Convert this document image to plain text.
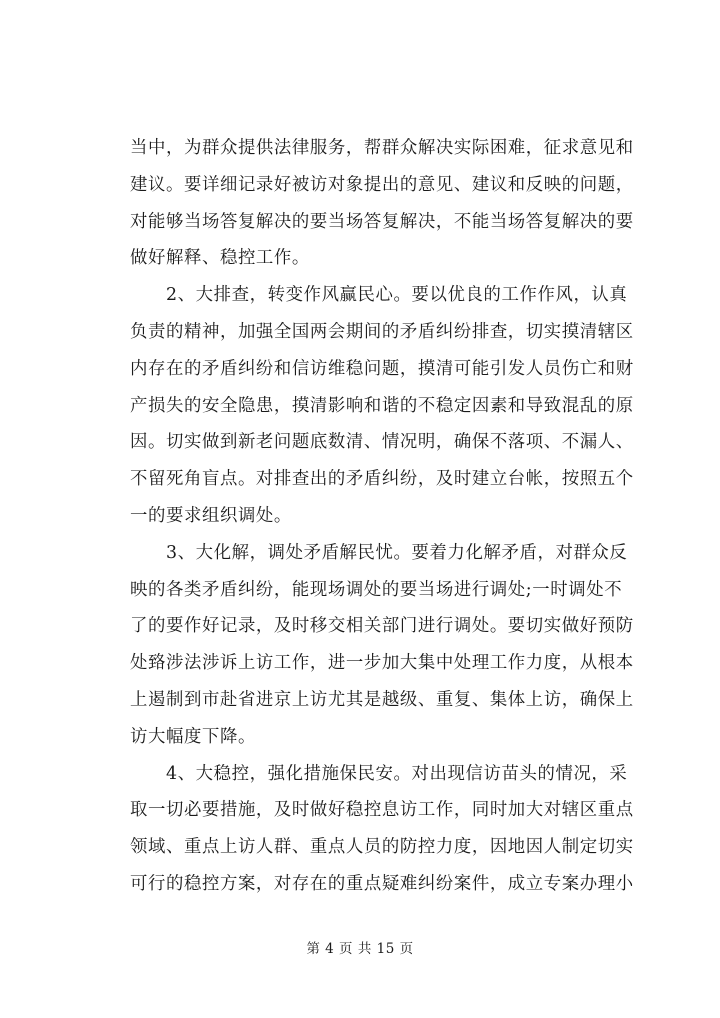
当中，为群众提供法律服务，帮群众解决实际困难，征求意见和
建议。要详细记录好被访对象提出的意见、建议和反映的问题，
对能够当场答复解决的要当场答复解决，不能当场答复解决的要
做好解释、稳控工作。
　　2、大排查，转变作风赢民心。要以优良的工作作风，认真
负责的精神，加强全国两会期间的矛盾纠纷排查，切实摸清辖区
内存在的矛盾纠纷和信访维稳问题，摸清可能引发人员伤亡和财
产损失的安全隐患，摸清影响和谐的不稳定因素和导致混乱的原
因。切实做到新老问题底数清、情况明，确保不落项、不漏人、
不留死角盲点。对排查出的矛盾纠纷，及时建立台帐，按照五个
一的要求组织调处。
　　3、大化解，调处矛盾解民忧。要着力化解矛盾，对群众反
映的各类矛盾纠纷，能现场调处的要当场进行调处;一时调处不
了的要作好记录，及时移交相关部门进行调处。要切实做好预防
处臵涉法涉诉上访工作，进一步加大集中处理工作力度，从根本
上遏制到市赴省进京上访尤其是越级、重复、集体上访，确保上
访大幅度下降。
　　4、大稳控，强化措施保民安。对出现信访苗头的情况，采
取一切必要措施，及时做好稳控息访工作，同时加大对辖区重点
领域、重点上访人群、重点人员的防控力度，因地因人制定切实
可行的稳控方案，对存在的重点疑难纠纷案件，成立专案办理小
第 4 页 共 15 页
